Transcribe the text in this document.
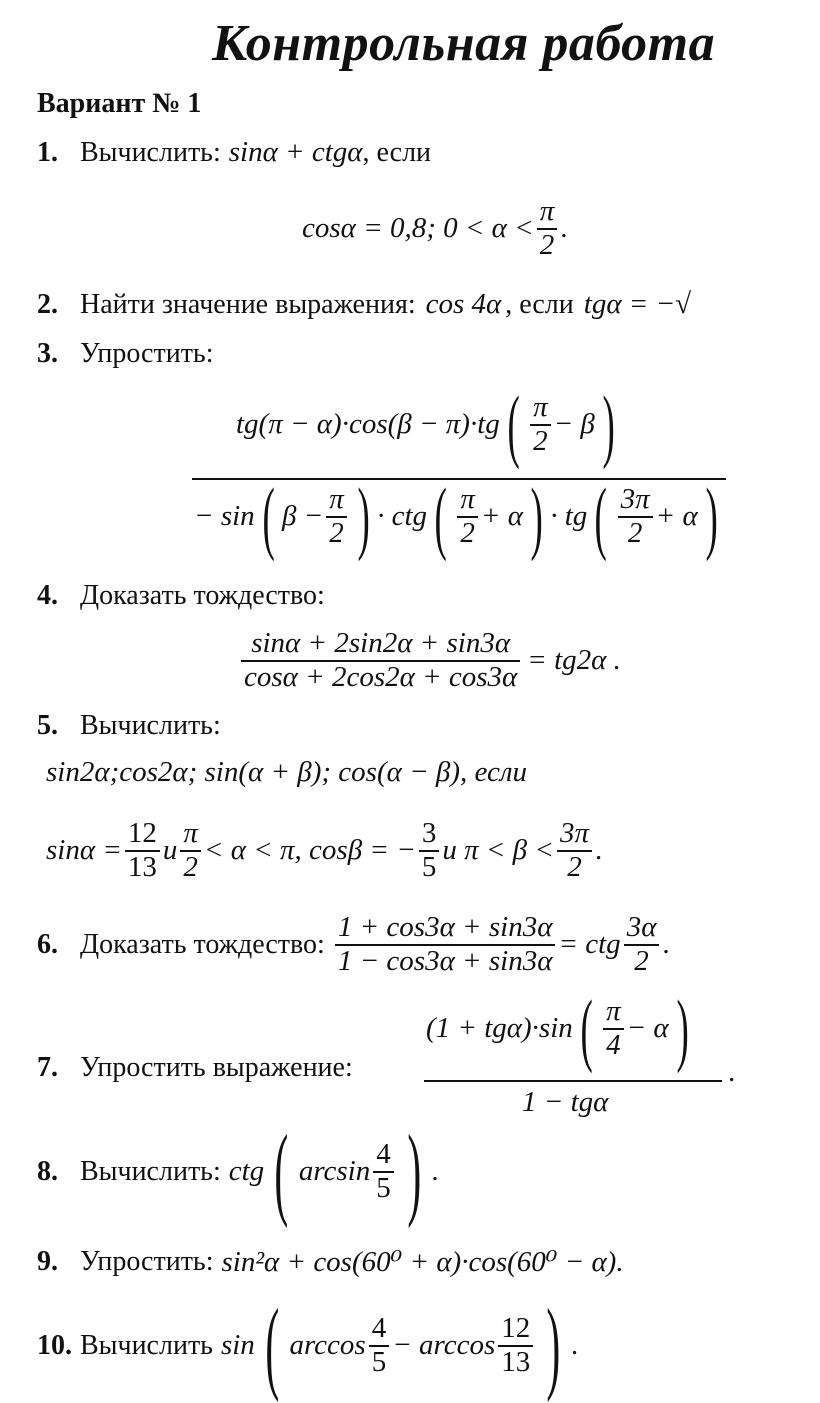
Контрольная работа
Вариант № 1
1. Вычислить: sinα + ctgα , если
cosα = 0,8; $0 < \alpha < \frac{\pi}{2}$ .
2. Найти значение выражения: cos 4α , если tgα = −√
3. Упростить:
tg(π − α)·cos(β − π)·tg ( $\frac{\pi}{2} - \beta$ )
− sin ( $\beta - \frac{\pi}{2}$ ) · ctg ( $\frac{\pi}{2} + \alpha$ ) · tg ( $\frac{3\pi}{2} + \alpha$ )
4. Доказать тождество:
$\frac{\sin\alpha + 2\sin 2\alpha + \sin 3\alpha}{\cos\alpha + 2\cos 2\alpha + \cos 3\alpha} = tg2\alpha$ .
5. Вычислить:
sin2α;cos2α; sin(α + β); cos(α − β), если
$\sin\alpha = \frac{12}{13}$ и $\frac{\pi}{2} < \alpha < \pi$, cosβ = − $\frac{3}{5}$ и $\pi < \beta < \frac{3\pi}{2}$ .
6. Доказать тождество: $\frac{1 + \cos 3\alpha + \sin 3\alpha}{1 - \cos 3\alpha + \sin 3\alpha}$ = ctg $\frac{3\alpha}{2}$ .
7. Упростить выражение:
(1 + tgα)·sin ( $\frac{\pi}{4} - \alpha$ )
1 − tgα
.
8. Вычислить: ctg ( $\arcsin \frac{4}{5}$ ) .
9. Упростить: sin²α + cos(60⁰ + α)·cos(60⁰ − α).
10. Вычислить sin ( $\arccos \frac{4}{5} - \arccos \frac{12}{13}$ ) .
